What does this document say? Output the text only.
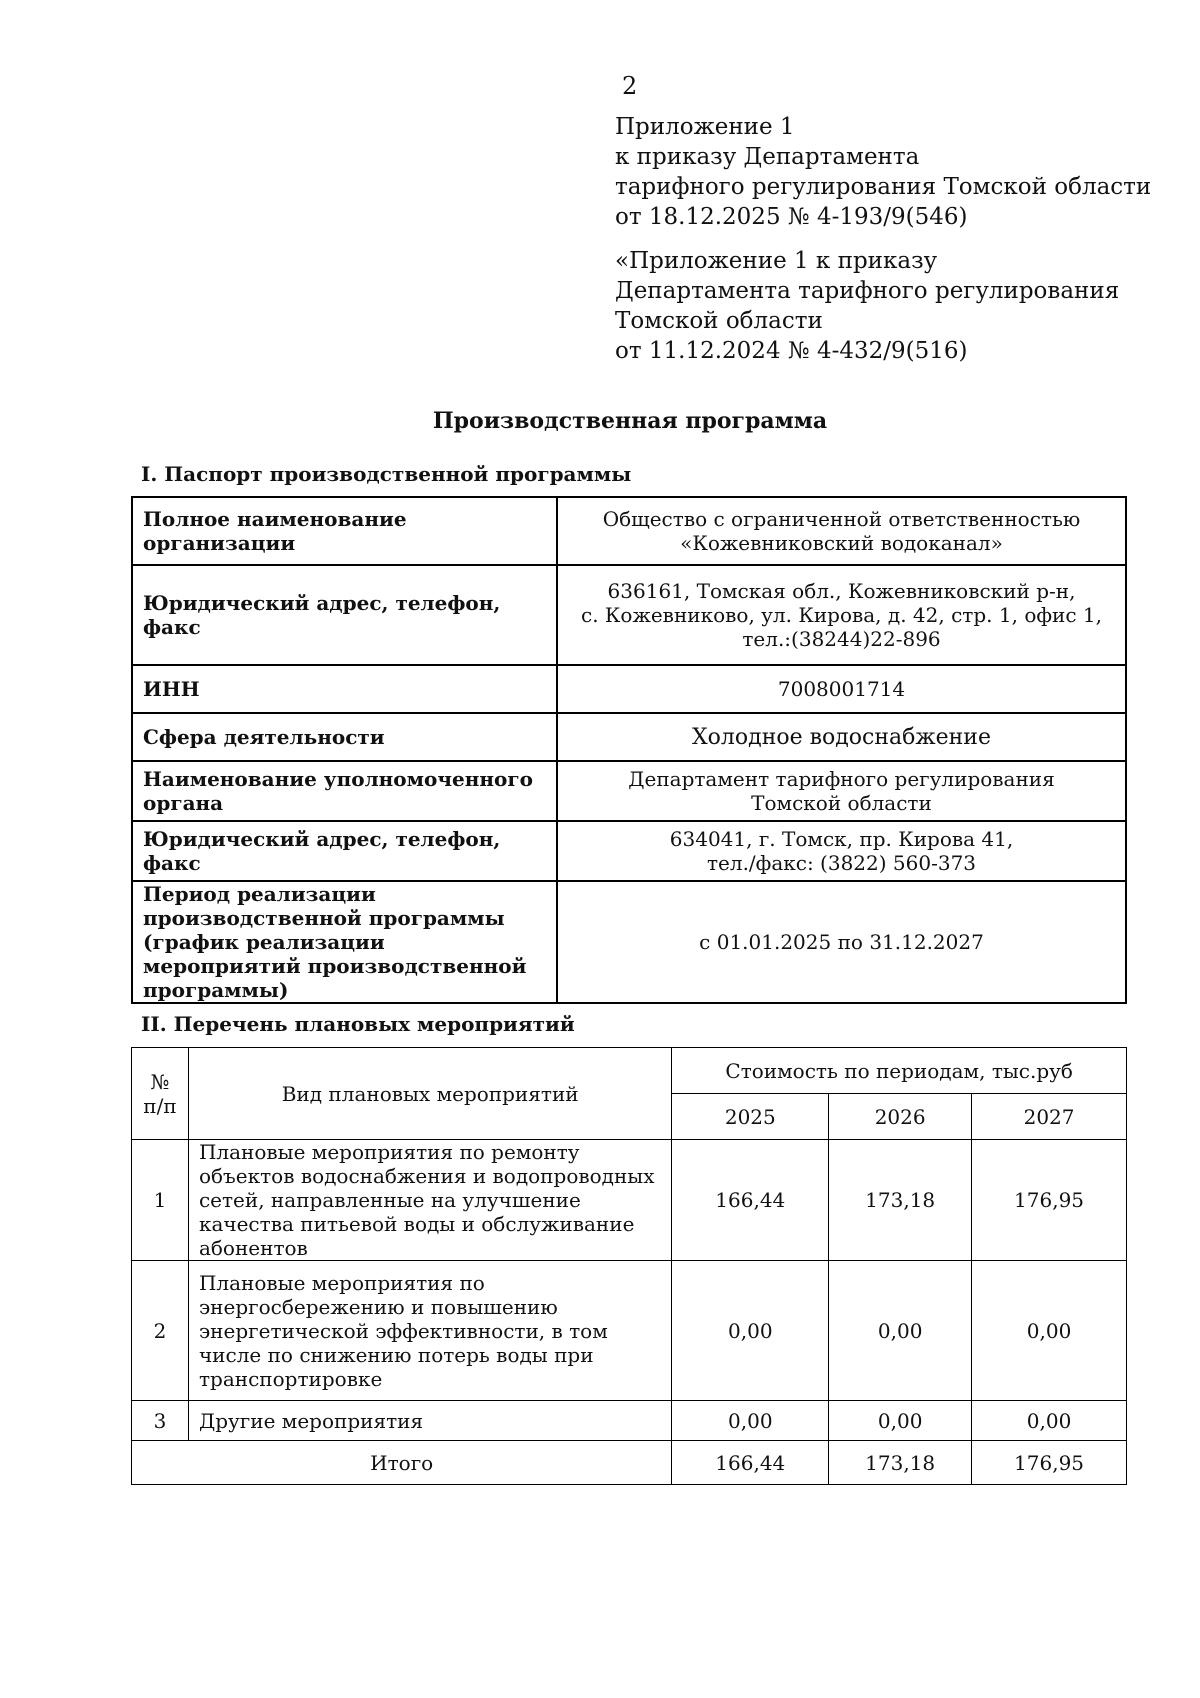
2
Приложение 1
к приказу Департамента
тарифного регулирования Томской области
от 18.12.2025 № 4-193/9(546)
«Приложение 1 к приказу
Департамента тарифного регулирования
Томской области
от 11.12.2024 № 4-432/9(516)
Производственная программа
I. Паспорт производственной программы
Полное наименование организации	Общество с ограниченной ответственностью
«Кожевниковский водоканал»

Юридический адрес, телефон, факс	636161, Томская обл., Кожевниковский р-н,
с. Кожевниково, ул. Кирова, д. 42, стр. 1, офис 1,
тел.:(38244)22-896

ИНН	7008001714

Сфера деятельности	Холодное водоснабжение

Наименование уполномоченного органа	Департамент тарифного регулирования
Томской области

Юридический адрес, телефон, факс	634041, г. Томск, пр. Кирова 41,
тел./факс: (3822) 560-373

Период реализации производственной программы (график реализации мероприятий производственной программы)	с 01.01.2025 по 31.12.2027
II. Перечень плановых мероприятий
№ п/п	Вид плановых мероприятий	Стоимость по периодам, тыс.руб		
		2025	2026	2027
1	Плановые мероприятия по ремонту объектов водоснабжения и водопроводных сетей, направленные на улучшение качества питьевой воды и обслуживание абонентов	166,44	173,18	176,95
2	Плановые мероприятия по энергосбережению и повышению энергетической эффективности, в том числе по снижению потерь воды при транспортировке	0,00	0,00	0,00
3	Другие мероприятия	0,00	0,00	0,00
Итого		166,44	173,18	176,95
